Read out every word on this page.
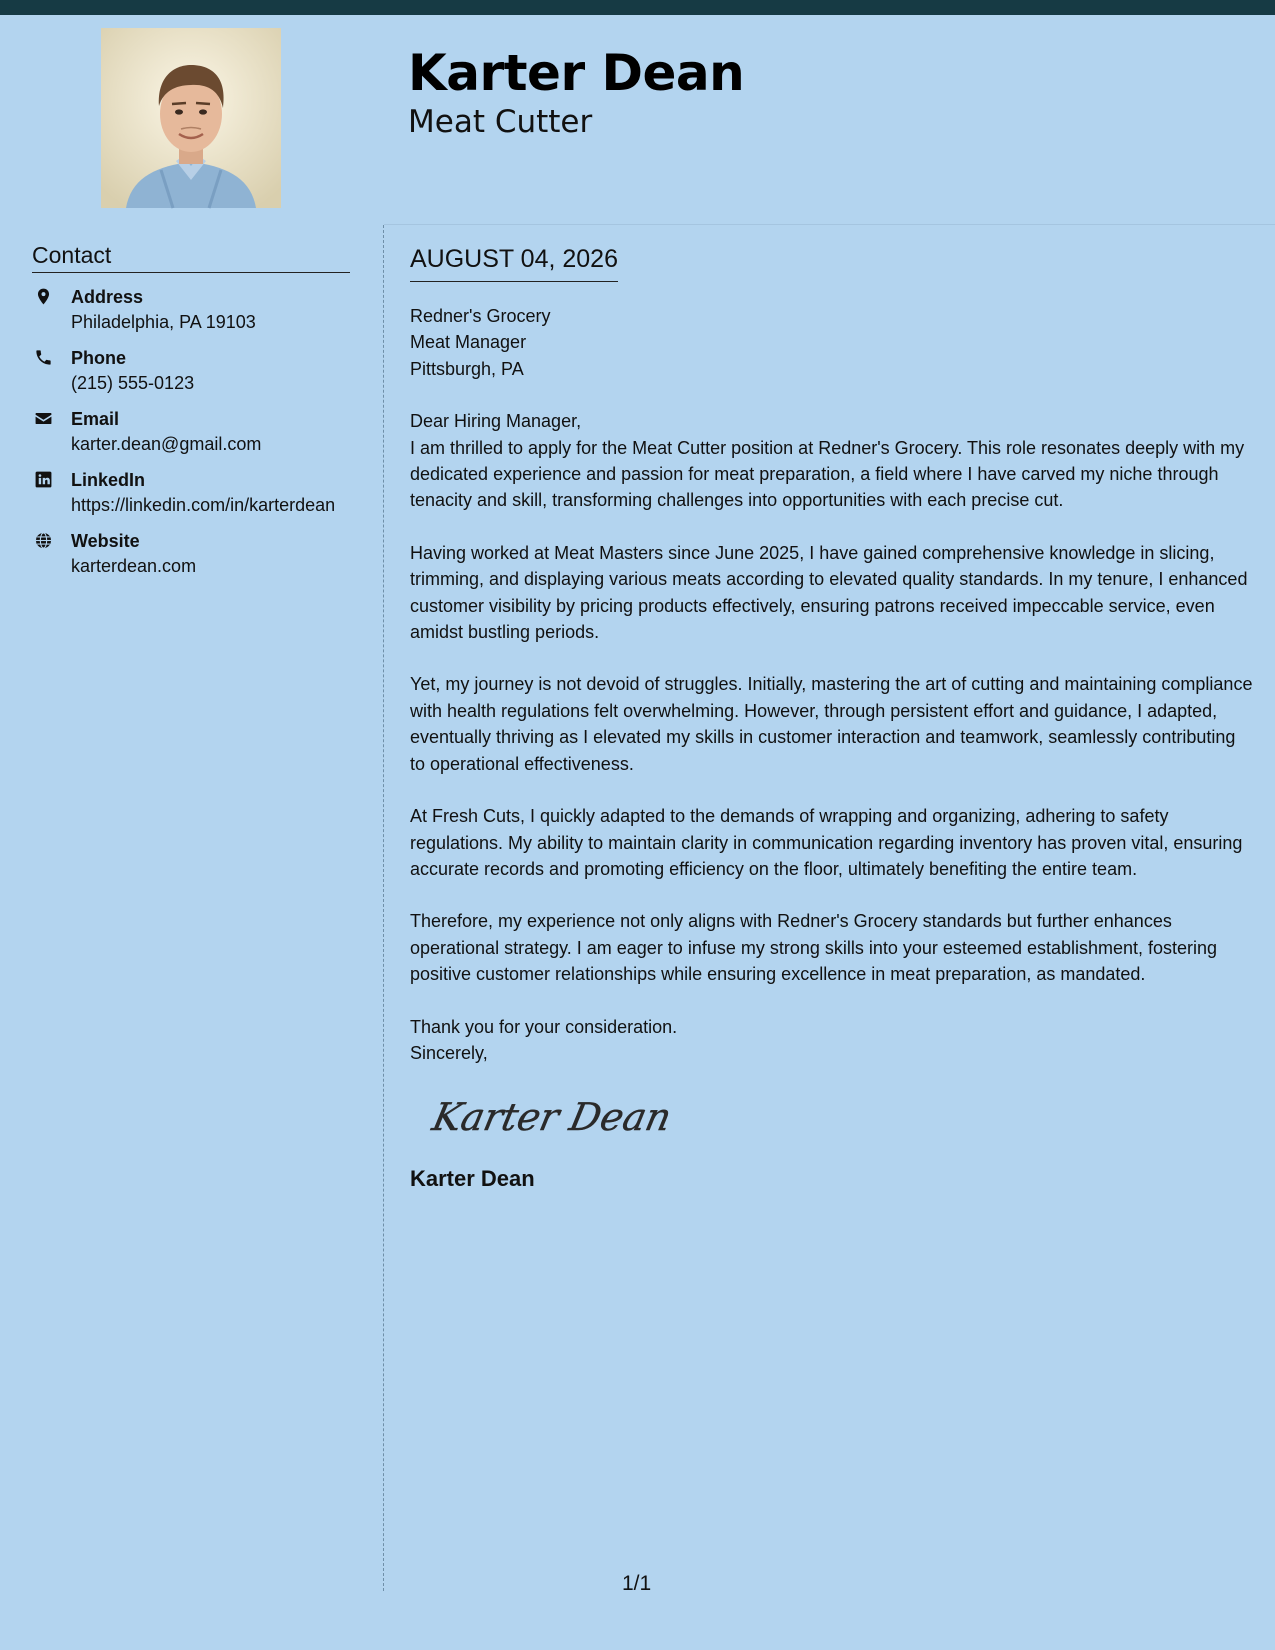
Karter Dean
Meat Cutter
Contact
Address
Philadelphia, PA 19103
Phone
(215) 555-0123
Email
karter.dean@gmail.com
LinkedIn
https://linkedin.com/in/karterdean
Website
karterdean.com
AUGUST 04, 2026

Redner's Grocery

Meat Manager

Pittsburgh, PA

Dear Hiring Manager,

I am thrilled to apply for the Meat Cutter position at Redner's Grocery. This role resonates deeply with my dedicated experience and passion for meat preparation, a field where I have carved my niche through tenacity and skill, transforming challenges into opportunities with each precise cut.

Having worked at Meat Masters since June 2025, I have gained comprehensive knowledge in slicing, trimming, and displaying various meats according to elevated quality standards. In my tenure, I enhanced customer visibility by pricing products effectively, ensuring patrons received impeccable service, even amidst bustling periods.

Yet, my journey is not devoid of struggles. Initially, mastering the art of cutting and maintaining compliance with health regulations felt overwhelming. However, through persistent effort and guidance, I adapted, eventually thriving as I elevated my skills in customer interaction and teamwork, seamlessly contributing to operational effectiveness.

At Fresh Cuts, I quickly adapted to the demands of wrapping and organizing, adhering to safety regulations. My ability to maintain clarity in communication regarding inventory has proven vital, ensuring accurate records and promoting efficiency on the floor, ultimately benefiting the entire team.

Therefore, my experience not only aligns with Redner's Grocery standards but further enhances operational strategy. I am eager to infuse my strong skills into your esteemed establishment, fostering positive customer relationships while ensuring excellence in meat preparation, as mandated.

Thank you for your consideration.

Sincerely,

Karter Dean
Karter Dean
1/1
